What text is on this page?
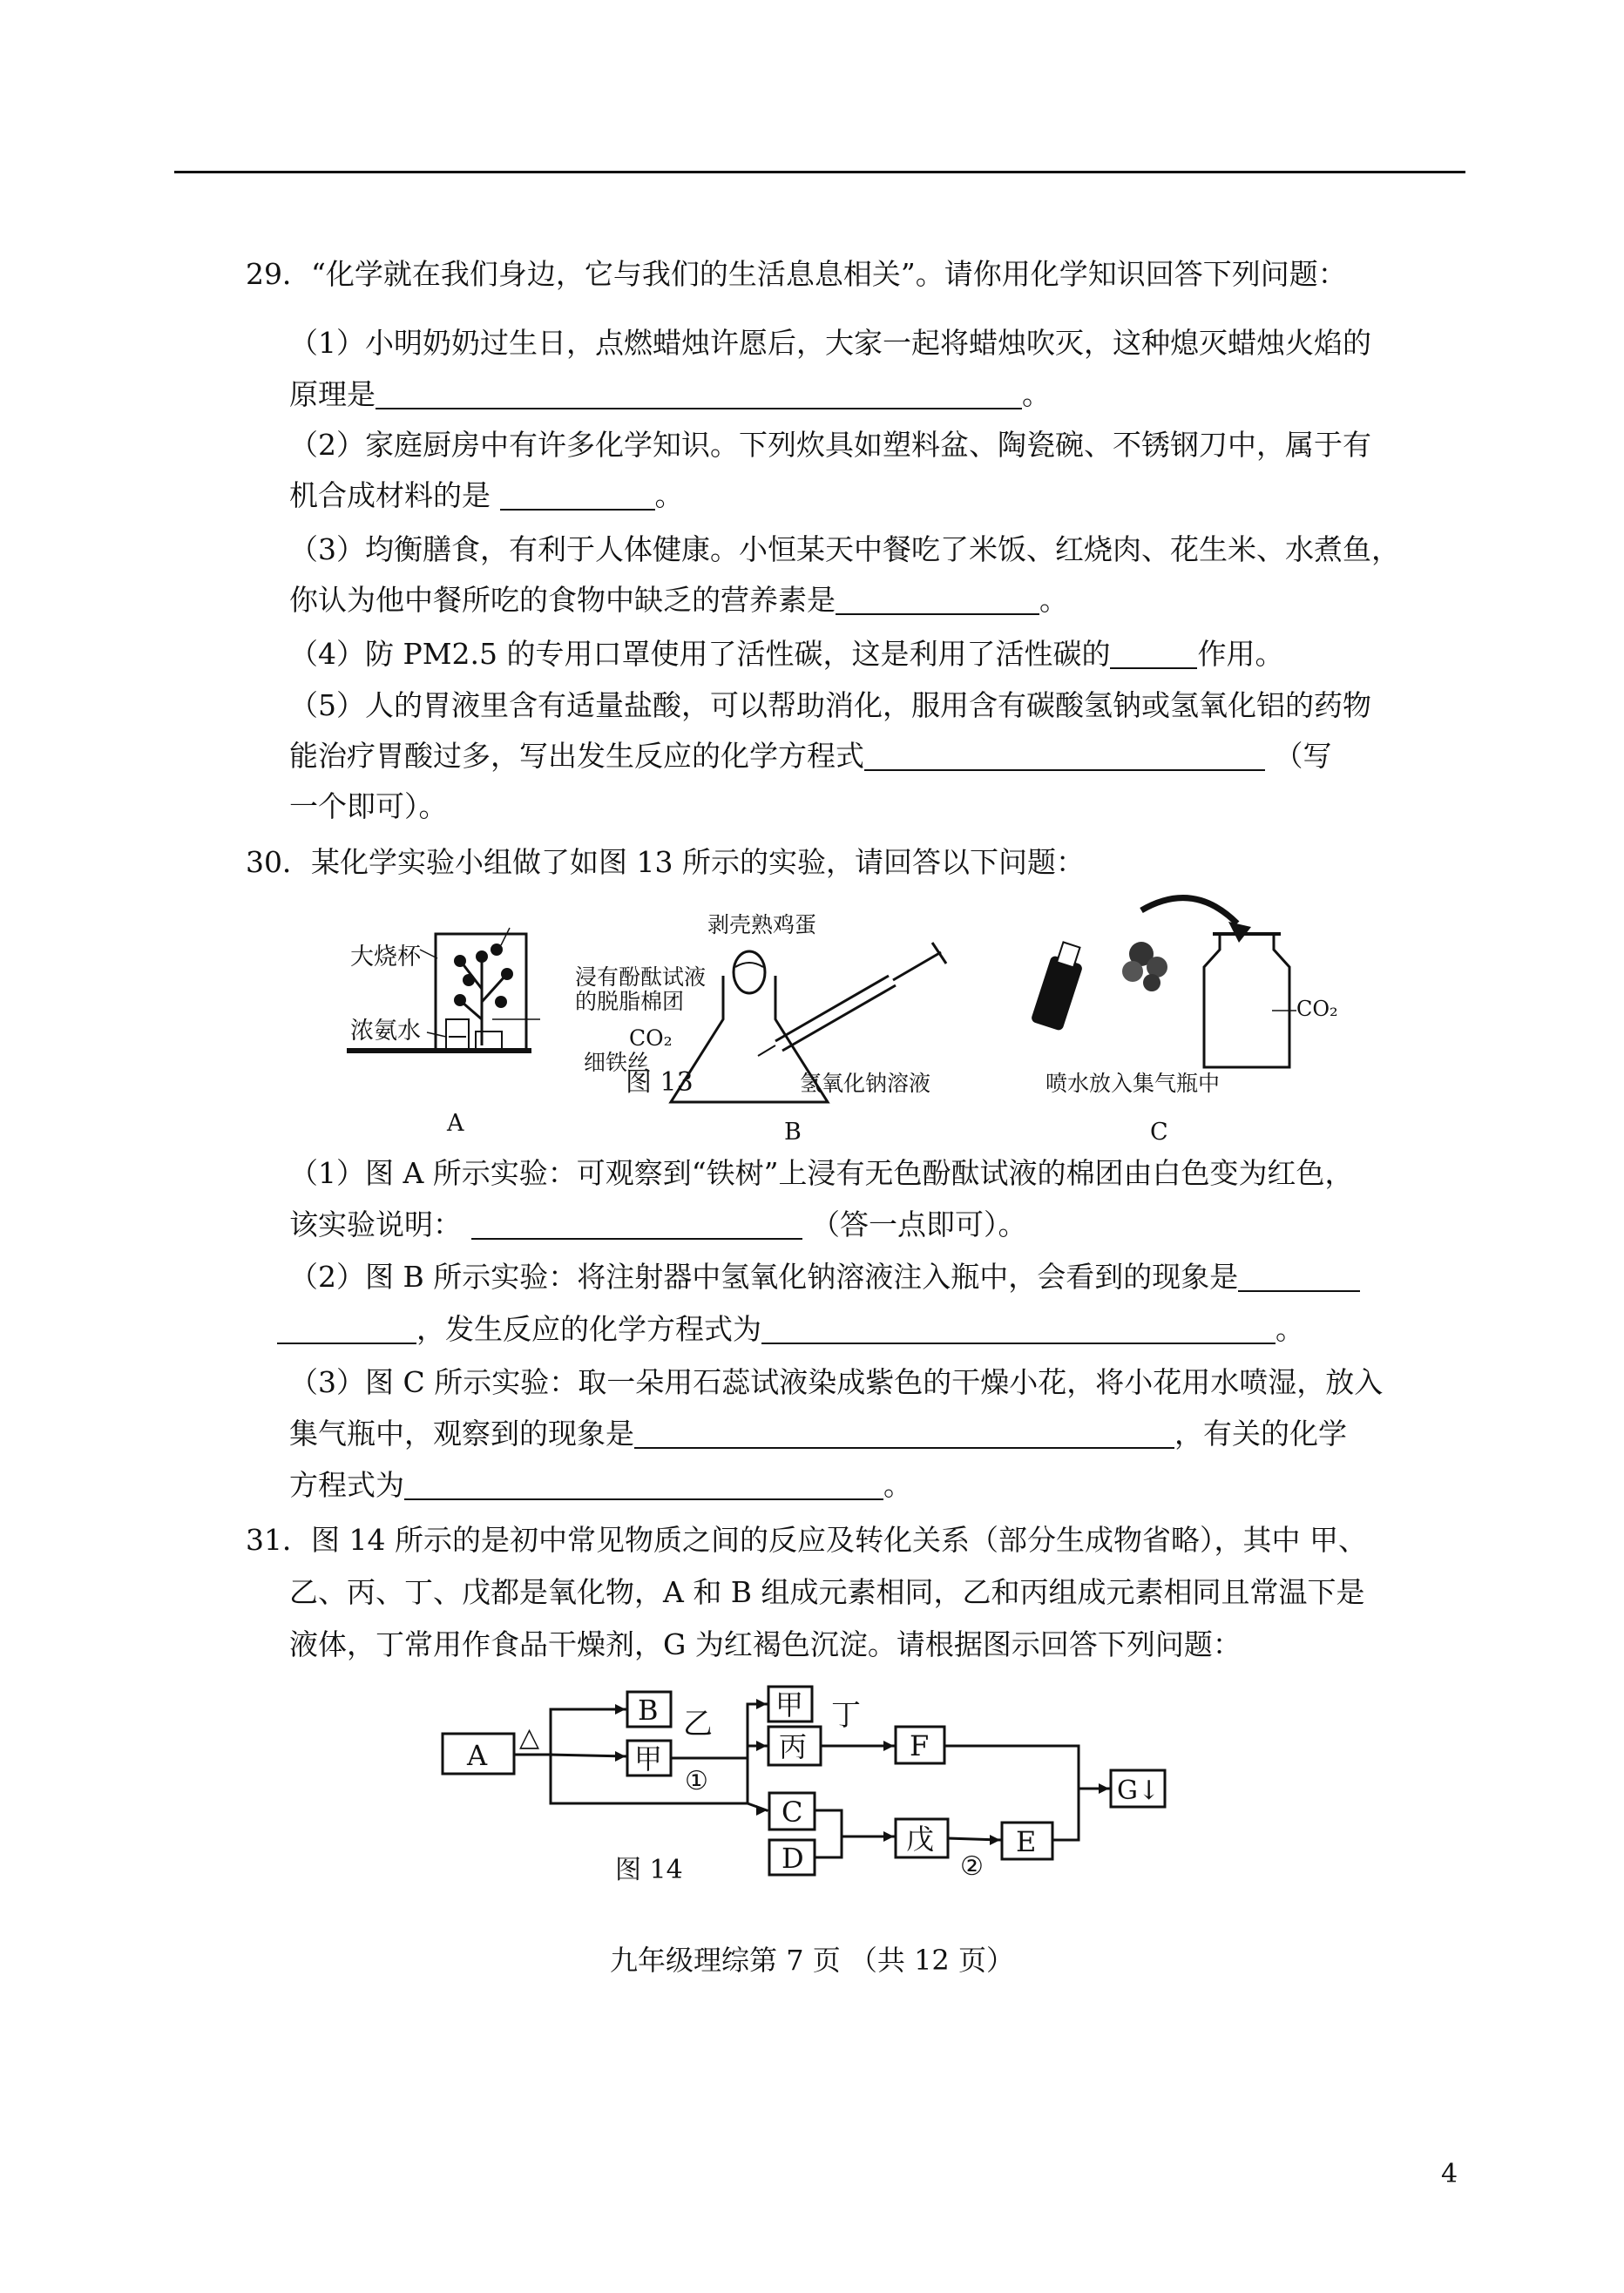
29．“化学就在我们身边，它与我们的生活息息相关”。请你用化学知识回答下列问题：
（1）小明奶奶过生日，点燃蜡烛许愿后，大家一起将蜡烛吹灭，这种熄灭蜡烛火焰的
原理是	。
（2）家庭厨房中有许多化学知识。下列炊具如塑料盆、陶瓷碗、不锈钢刀中，属于有
机合成材料的是	。
（3）均衡膳食，有利于人体健康。小恒某天中餐吃了米饭、红烧肉、花生米、水煮鱼，
你认为他中餐所吃的食物中缺乏的营养素是	。
（4）防 PM2.5 的专用口罩使用了活性碳，这是利用了活性碳的	作用。
（5）人的胃液里含有适量盐酸，可以帮助消化，服用含有碳酸氢钠或氢氧化铝的药物
能治疗胃酸过多，写出发生反应的化学方程式	（写
一个即可）。
30．某化学实验小组做了如图 13 所示的实验，请回答以下问题：
大烧杯
浓氨水
浸有酚酞试液
的脱脂棉团
细铁丝
A
图 13
剥壳熟鸡蛋
CO₂
氢氧化钠溶液
B
CO₂
喷水放入集气瓶中
C
（1）图 A 所示实验：可观察到“铁树”上浸有无色酚酞试液的棉团由白色变为红色，
该实验说明：	（答一点即可）。
（2）图 B 所示实验：将注射器中氢氧化钠溶液注入瓶中，会看到的现象是
，发生反应的化学方程式为	。
（3）图 C 所示实验：取一朵用石蕊试液染成紫色的干燥小花，将小花用水喷湿，放入
集气瓶中，观察到的现象是	，有关的化学
方程式为	。
31．图 14 所示的是初中常见物质之间的反应及转化关系（部分生成物省略），其中 甲、
乙、丙、丁、戊都是氧化物，A 和 B 组成元素相同，乙和丙组成元素相同且常温下是
液体，丁常用作食品干燥剂，G 为红褐色沉淀。请根据图示回答下列问题：
A
B
甲
甲
丙
C
D
F
戊	E
G↓
△	乙
①
丁
②
图 14
九年级理综第 7 页 （共 12 页）
4
